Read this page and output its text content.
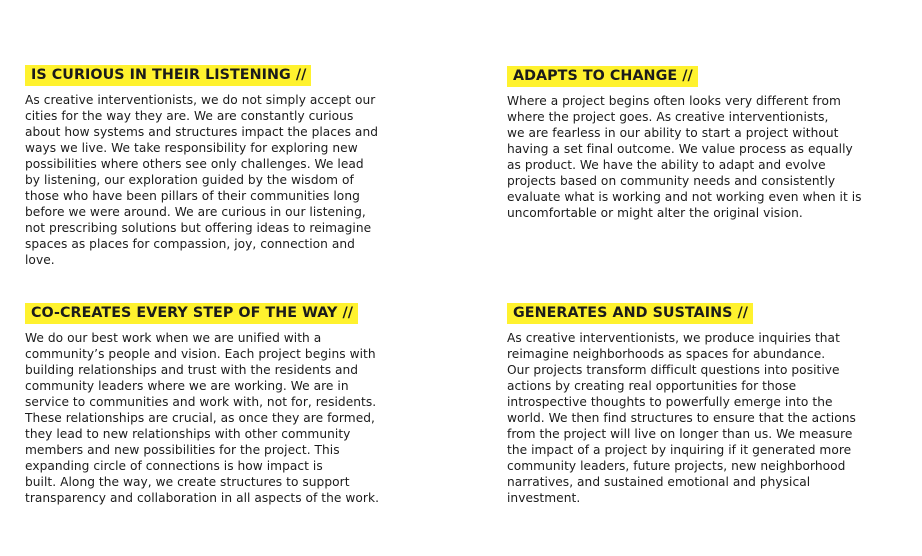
IS CURIOUS IN THEIR LISTENING //
As creative interventionists, we do not simply accept our
cities for the way they are. We are constantly curious
about how systems and structures impact the places and
ways we live. We take responsibility for exploring new
possibilities where others see only challenges. We lead
by listening, our exploration guided by the wisdom of
those who have been pillars of their communities long
before we were around. We are curious in our listening,
not prescribing solutions but offering ideas to reimagine
spaces as places for compassion, joy, connection and
love.
ADAPTS TO CHANGE //
Where a project begins often looks very different from
where the project goes. As creative interventionists,
we are fearless in our ability to start a project without
having a set final outcome. We value process as equally
as product. We have the ability to adapt and evolve
projects based on community needs and consistently
evaluate what is working and not working even when it is
uncomfortable or might alter the original vision.
CO-CREATES EVERY STEP OF THE WAY //
We do our best work when we are unified with a
community’s people and vision. Each project begins with
building relationships and trust with the residents and
community leaders where we are working. We are in
service to communities and work with, not for, residents.
These relationships are crucial, as once they are formed,
they lead to new relationships with other community
members and new possibilities for the project. This
expanding circle of connections is how impact is
built. Along the way, we create structures to support
transparency and collaboration in all aspects of the work.
GENERATES AND SUSTAINS //
As creative interventionists, we produce inquiries that
reimagine neighborhoods as spaces for abundance.
Our projects transform difficult questions into positive
actions by creating real opportunities for those
introspective thoughts to powerfully emerge into the
world. We then find structures to ensure that the actions
from the project will live on longer than us. We measure
the impact of a project by inquiring if it generated more
community leaders, future projects, new neighborhood
narratives, and sustained emotional and physical
investment.
